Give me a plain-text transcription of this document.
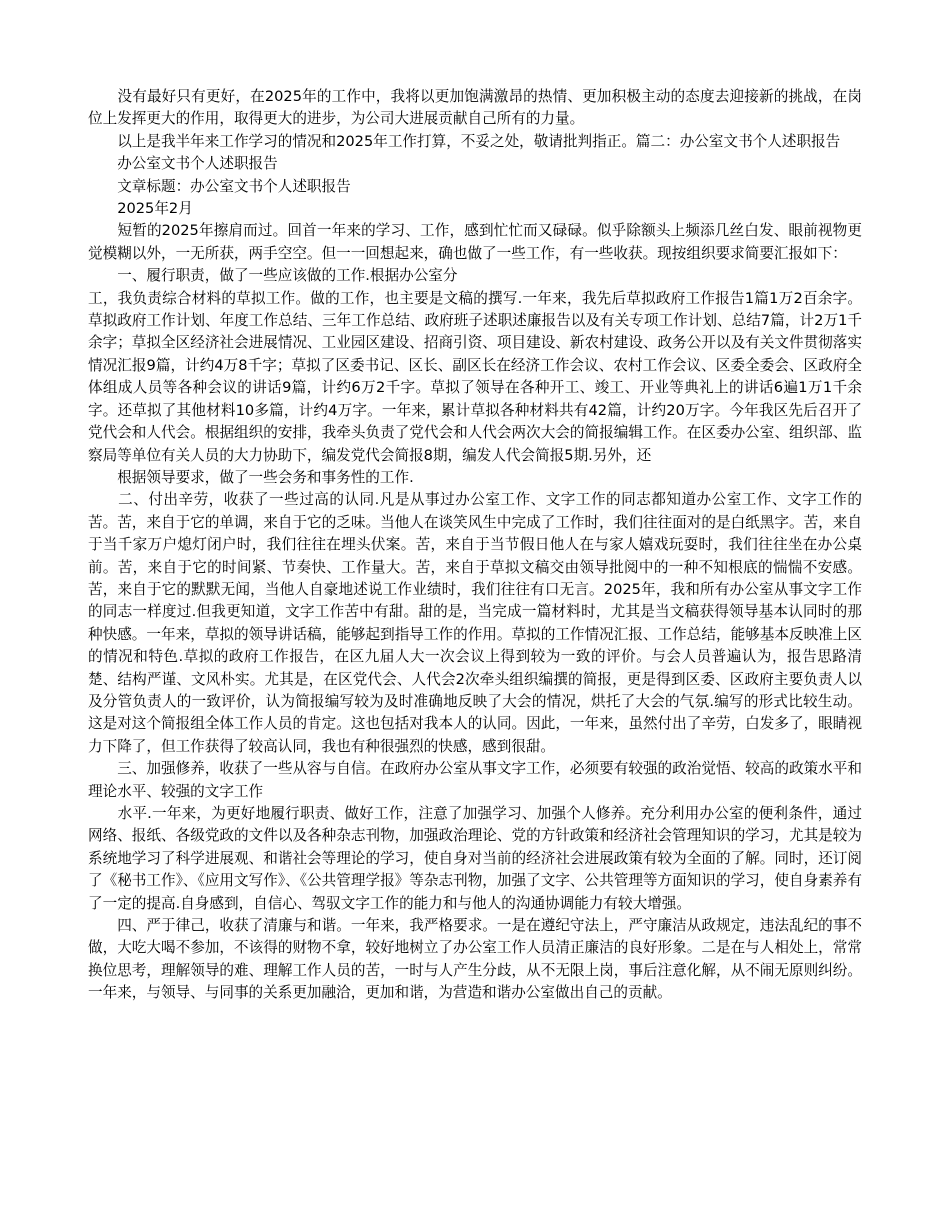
　　没有最好只有更好，在2025年的工作中，我将以更加饱满激昂的热情、更加积极主动的态度去迎接新的挑战，在岗位上发挥更大的作用，取得更大的进步，为公司大进展贡献自己所有的力量。

　　以上是我半年来工作学习的情况和2025年工作打算，不妥之处，敬请批判指正。篇二：办公室文书个人述职报告

　　办公室文书个人述职报告

　　文章标题：办公室文书个人述职报告

　　2025年2月

　　短暂的2025年擦肩而过。回首一年来的学习、工作，感到忙忙而又碌碌。似乎除额头上频添几丝白发、眼前视物更觉模糊以外，一无所获，两手空空。但一一回想起来，确也做了一些工作，有一些收获。现按组织要求简要汇报如下：

　　一、履行职责，做了一些应该做的工作.根据办公室分

工，我负责综合材料的草拟工作。做的工作，也主要是文稿的撰写.一年来，我先后草拟政府工作报告1篇1万2百余字。草拟政府工作计划、年度工作总结、三年工作总结、政府班子述职述廉报告以及有关专项工作计划、总结7篇，计2万1千余字；草拟全区经济社会进展情况、工业园区建设、招商引资、项目建设、新农村建设、政务公开以及有关文件贯彻落实情况汇报9篇，计约4万8千字；草拟了区委书记、区长、副区长在经济工作会议、农村工作会议、区委全委会、区政府全体组成人员等各种会议的讲话9篇，计约6万2千字。草拟了领导在各种开工、竣工、开业等典礼上的讲话6遍1万1千余字。还草拟了其他材料10多篇，计约4万字。一年来，累计草拟各种材料共有42篇，计约20万字。今年我区先后召开了党代会和人代会。根据组织的安排，我牵头负责了党代会和人代会两次大会的简报编辑工作。在区委办公室、组织部、监察局等单位有关人员的大力协助下，编发党代会简报8期，编发人代会简报5期.另外，还

　　根据领导要求，做了一些会务和事务性的工作.

　　二、付出辛劳，收获了一些过高的认同.凡是从事过办公室工作、文字工作的同志都知道办公室工作、文字工作的苦。苦，来自于它的单调，来自于它的乏味。当他人在谈笑风生中完成了工作时，我们往往面对的是白纸黑字。苦，来自于当千家万户熄灯闭户时，我们往往在埋头伏案。苦，来自于当节假日他人在与家人嬉戏玩耍时，我们往往坐在办公桌前。苦，来自于它的时间紧、节奏快、工作量大。苦，来自于草拟文稿交由领导批阅中的一种不知根底的惴惴不安感。苦，来自于它的默默无闻，当他人自豪地述说工作业绩时，我们往往有口无言。2025年，我和所有办公室从事文字工作的同志一样度过.但我更知道，文字工作苦中有甜。甜的是，当完成一篇材料时，尤其是当文稿获得领导基本认同时的那种快感。一年来，草拟的领导讲话稿，能够起到指导工作的作用。草拟的工作情况汇报、工作总结，能够基本反映准上区的情况和特色.草拟的政府工作报告，在区九届人大一次会议上得到较为一致的评价。与会人员普遍认为，报告思路清楚、结构严谨、文风朴实。尤其是，在区党代会、人代会2次牵头组织编撰的简报，更是得到区委、区政府主要负责人以及分管负责人的一致评价，认为简报编写较为及时准确地反映了大会的情况，烘托了大会的气氛.编写的形式比较生动。这是对这个简报组全体工作人员的肯定。这也包括对我本人的认同。因此，一年来，虽然付出了辛劳，白发多了，眼睛视力下降了，但工作获得了较高认同，我也有种很强烈的快感，感到很甜。

　　三、加强修养，收获了一些从容与自信。在政府办公室从事文字工作，必须要有较强的政治觉悟、较高的政策水平和理论水平、较强的文字工作

　　水平.一年来，为更好地履行职责、做好工作，注意了加强学习、加强个人修养。充分利用办公室的便利条件，通过网络、报纸、各级党政的文件以及各种杂志刊物，加强政治理论、党的方针政策和经济社会管理知识的学习，尤其是较为系统地学习了科学进展观、和谐社会等理论的学习，使自身对当前的经济社会进展政策有较为全面的了解。同时，还订阅了《秘书工作》、《应用文写作》、《公共管理学报》等杂志刊物，加强了文字、公共管理等方面知识的学习，使自身素养有了一定的提高.自身感到，自信心、驾驭文字工作的能力和与他人的沟通协调能力有较大增强。

　　四、严于律己，收获了清廉与和谐。一年来，我严格要求。一是在遵纪守法上，严守廉洁从政规定，违法乱纪的事不做，大吃大喝不参加，不该得的财物不拿，较好地树立了办公室工作人员清正廉洁的良好形象。二是在与人相处上，常常换位思考，理解领导的难、理解工作人员的苦，一时与人产生分歧，从不无限上岗，事后注意化解，从不闹无原则纠纷。一年来，与领导、与同事的关系更加融洽，更加和谐，为营造和谐办公室做出自己的贡献。
